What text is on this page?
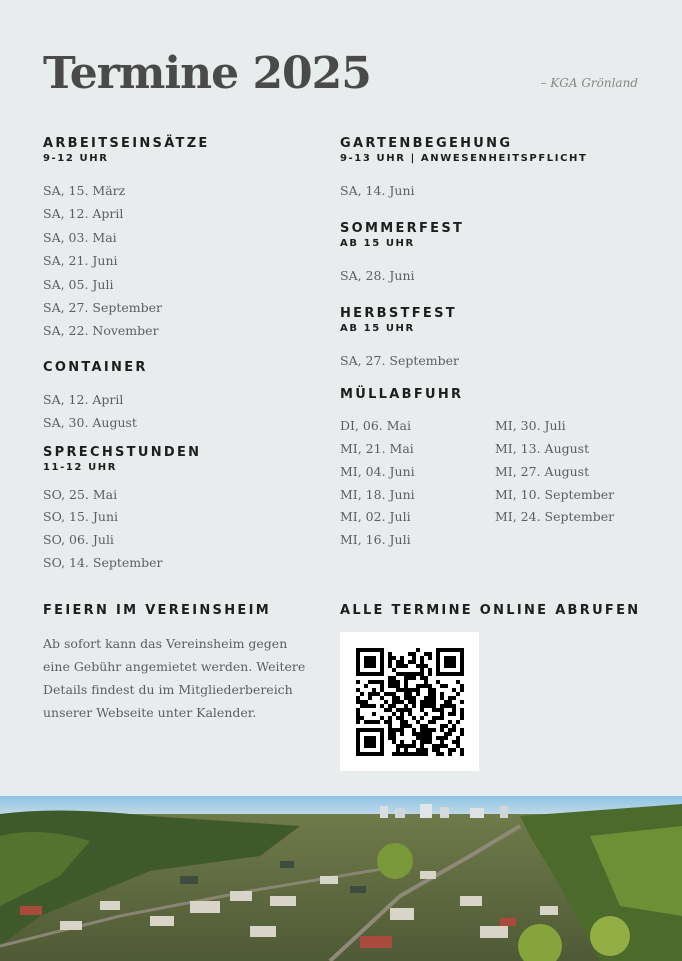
Termine 2025	– KGA Grönland
ARBEITSEINSÄTZE
9-12 UHR
SA, 15. März
SA, 12. April
SA, 03. Mai
SA, 21. Juni
SA, 05. Juli
SA, 27. September
SA, 22. November
CONTAINER
SA, 12. April
SA, 30. August
SPRECHSTUNDEN
11-12 UHR
SO, 25. Mai
SO, 15. Juni
SO, 06. Juli
SO, 14. September
GARTENBEGEHUNG
9-13 UHR | ANWESENHEITSPFLICHT
SA, 14. Juni
SOMMERFEST
AB 15 UHR
SA, 28. Juni
HERBSTFEST
AB 15 UHR
SA, 27. September
MÜLLABFUHR
DI, 06. Mai
MI, 21. Mai
MI, 04. Juni
MI, 18. Juni
MI, 02. Juli
MI, 16. Juli
MI, 30. Juli
MI, 13. August
MI, 27. August
MI, 10. September
MI, 24. September
FEIERN IM VEREINSHEIM

Ab sofort kann das Vereinsheim gegen eine Gebühr angemietet werden. Weitere Details findest du im Mitgliederbereich unserer Webseite unter Kalender.

ALLE TERMINE ONLINE ABRUFEN
